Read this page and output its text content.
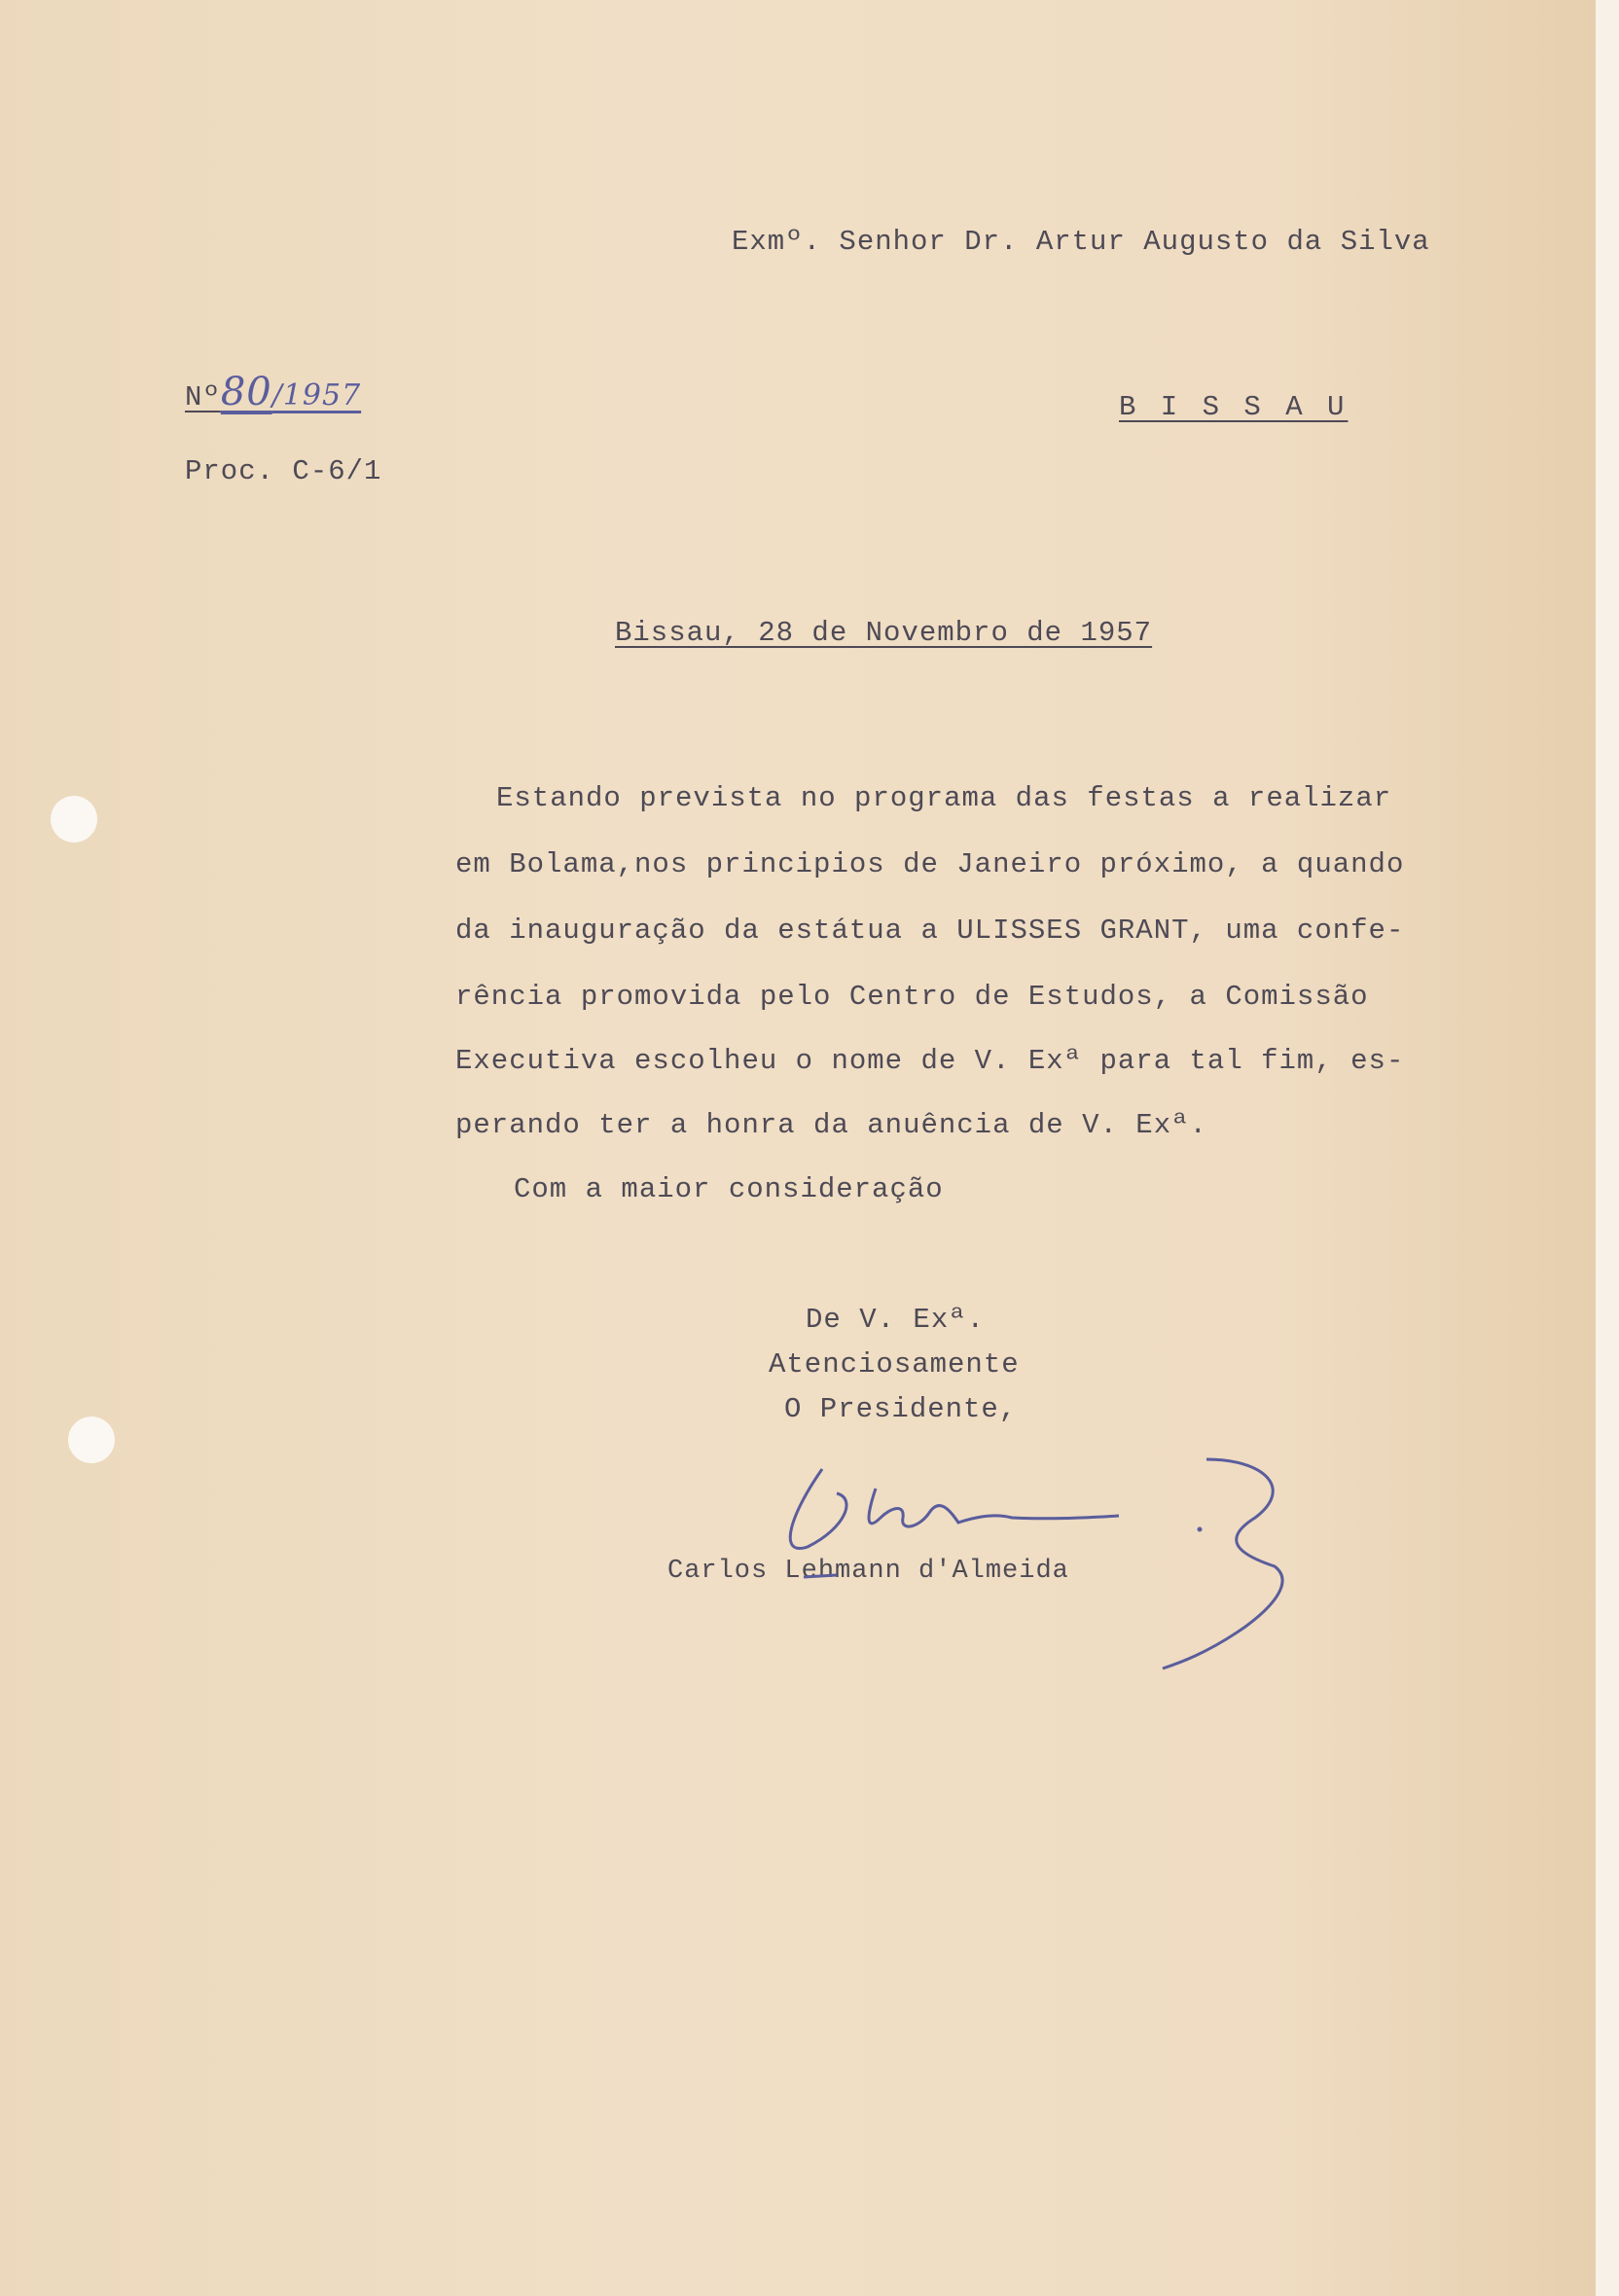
Exmº. Senhor Dr. Artur Augusto da Silva
Nº80/1957
Proc. C-6/1
B I S S A U
Bissau, 28 de Novembro de 1957
Estando prevista no programa das festas a realizar
em Bolama,nos principios de Janeiro próximo, a quando
da inauguração da estátua a ULISSES GRANT, uma confe-
rência promovida pelo Centro de Estudos, a Comissão
Executiva escolheu o nome de V. Exª para tal fim, es-
perando ter a honra da anuência de V. Exª.
Com a maior consideração
De V. Exª.
Atenciosamente
O Presidente,
Carlos Lehmann d'Almeida
